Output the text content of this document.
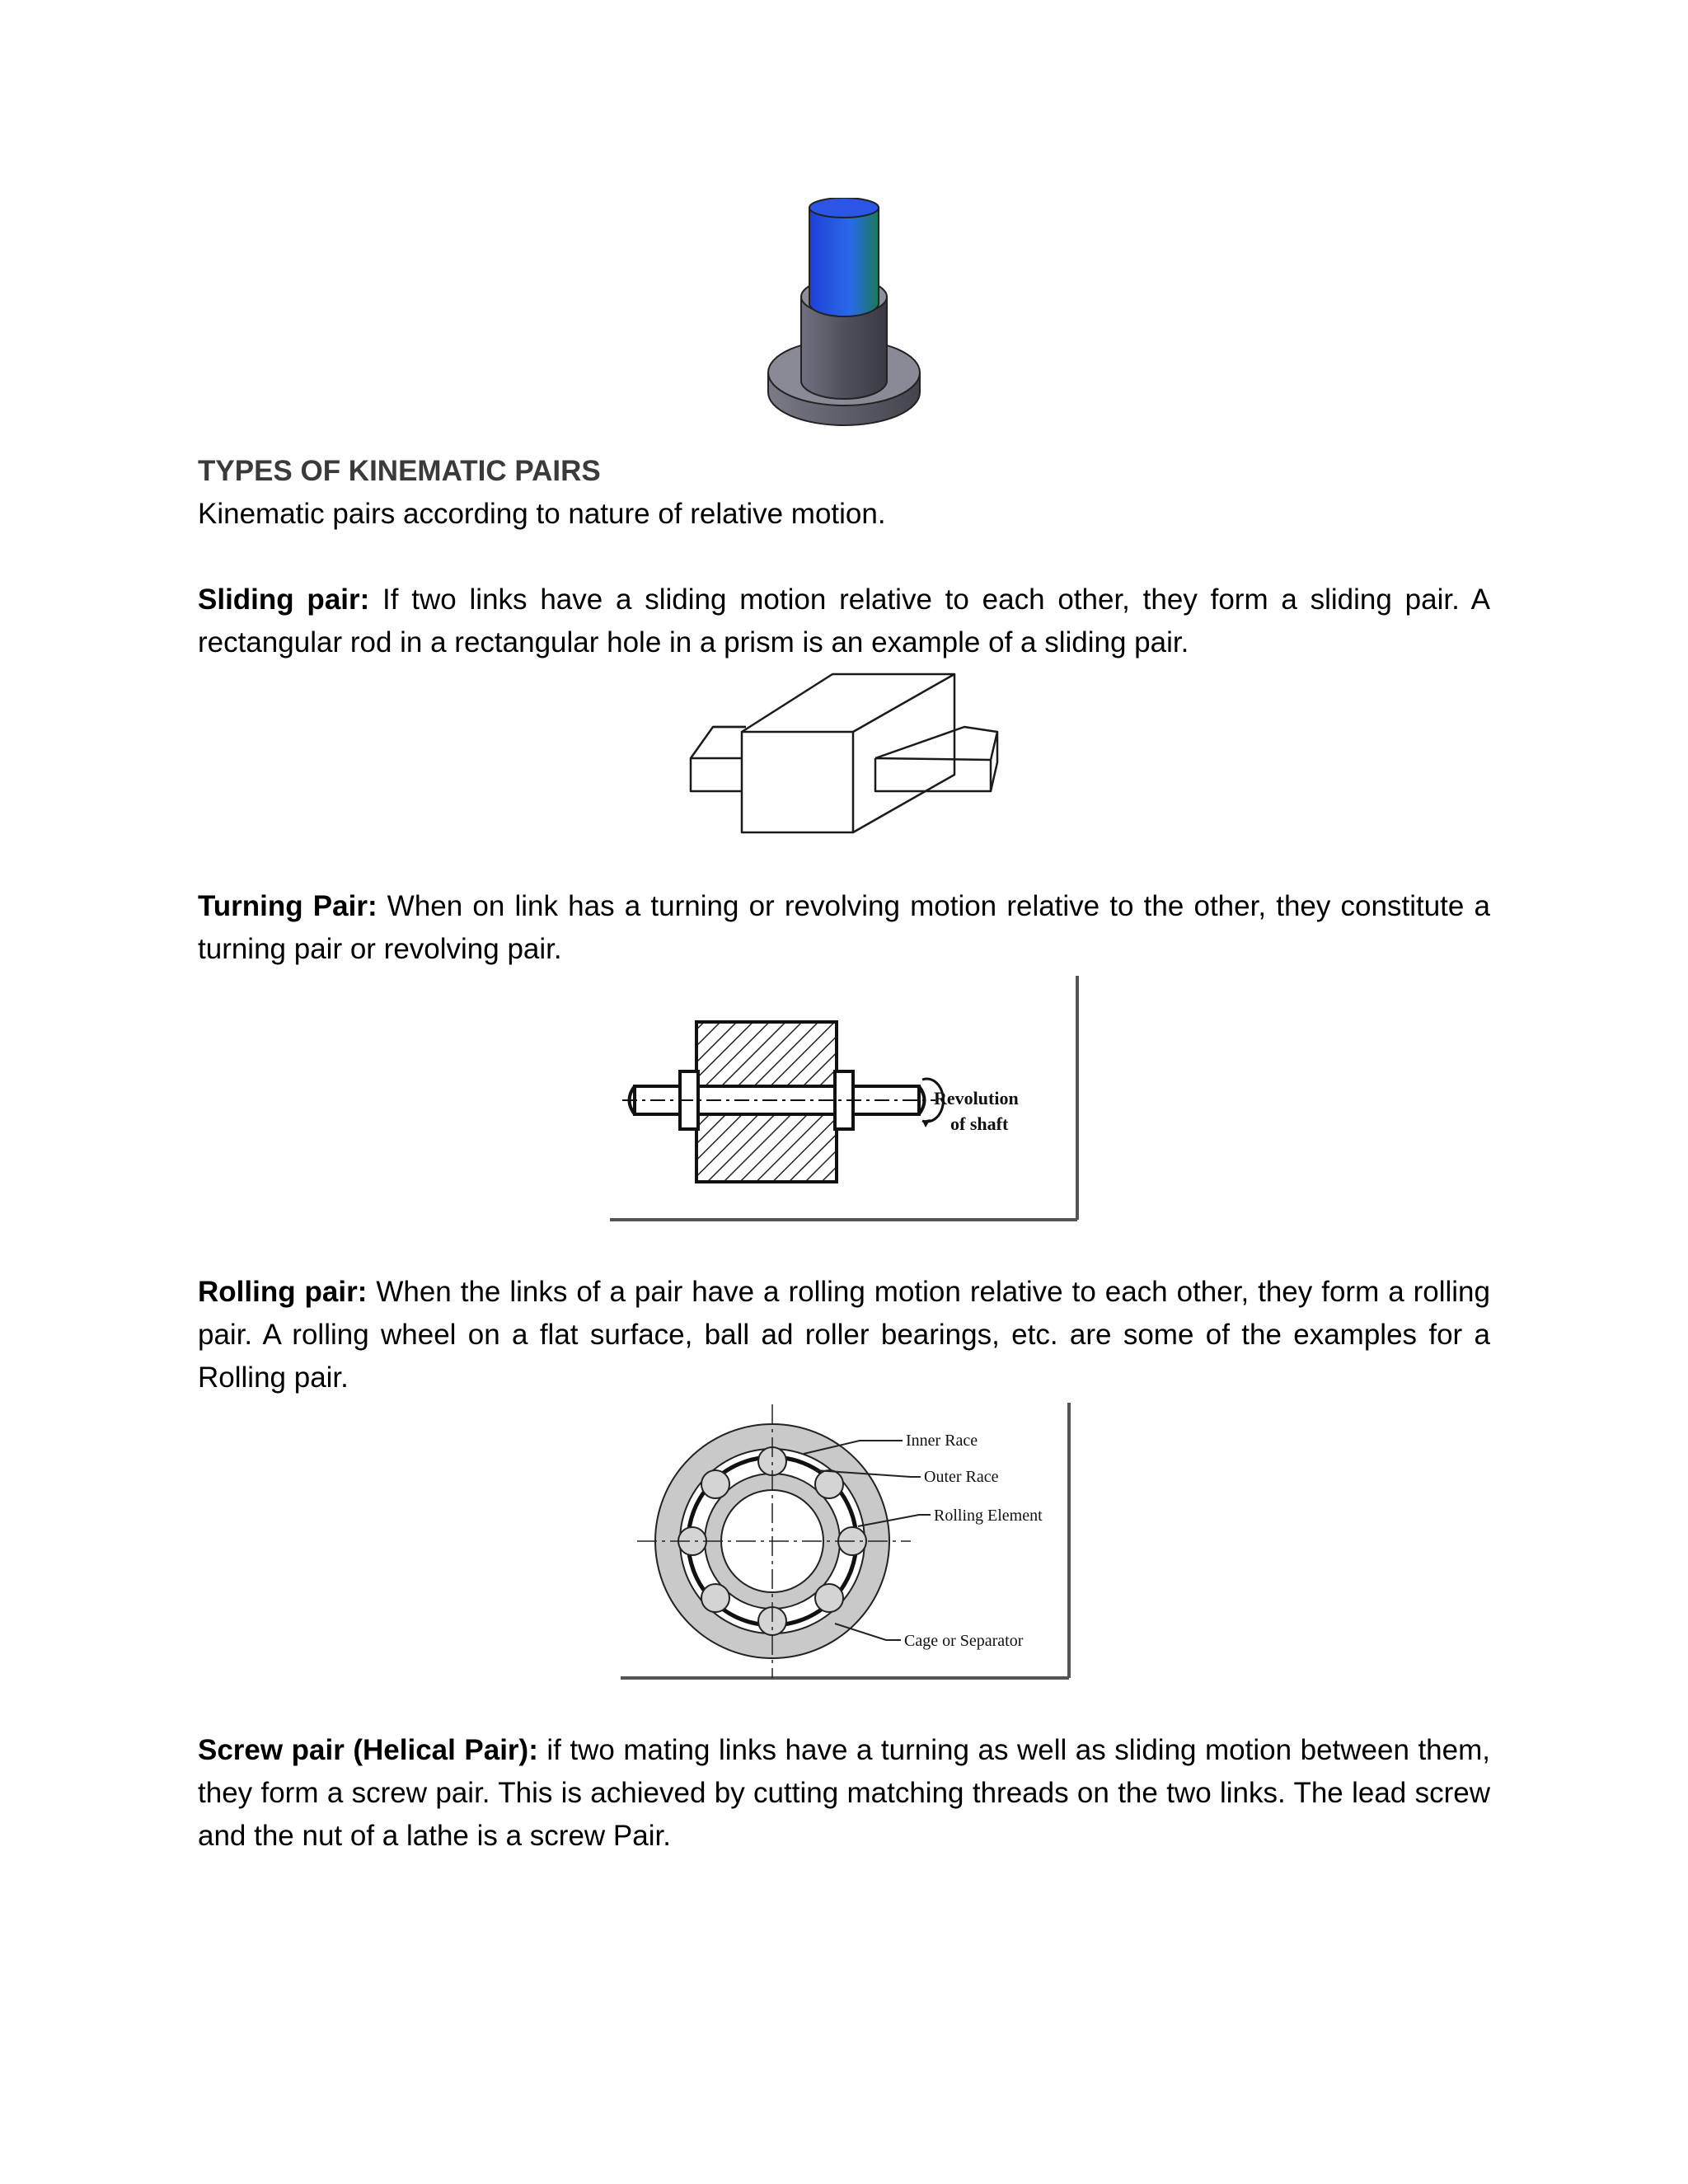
TYPES OF KINEMATIC PAIRS
Kinematic pairs according to nature of relative motion.
Sliding pair: If two links have a sliding motion relative to each other, they form a sliding pair. A rectangular rod in a rectangular hole in a prism is an example of a sliding pair.
Turning Pair: When on link has a turning or revolving motion relative to the other, they constitute a turning pair or revolving pair.
Revolution
of shaft
Rolling pair: When the links of a pair have a rolling motion relative to each other, they form a rolling pair. A rolling wheel on a flat surface, ball ad roller bearings, etc. are some of the examples for a Rolling pair.
Inner Race
Outer Race
Rolling Element
Cage or Separator
Screw pair (Helical Pair): if two mating links have a turning as well as sliding motion between them, they form a screw pair. This is achieved by cutting matching threads on the two links. The lead screw and the nut of a lathe is a screw Pair.
